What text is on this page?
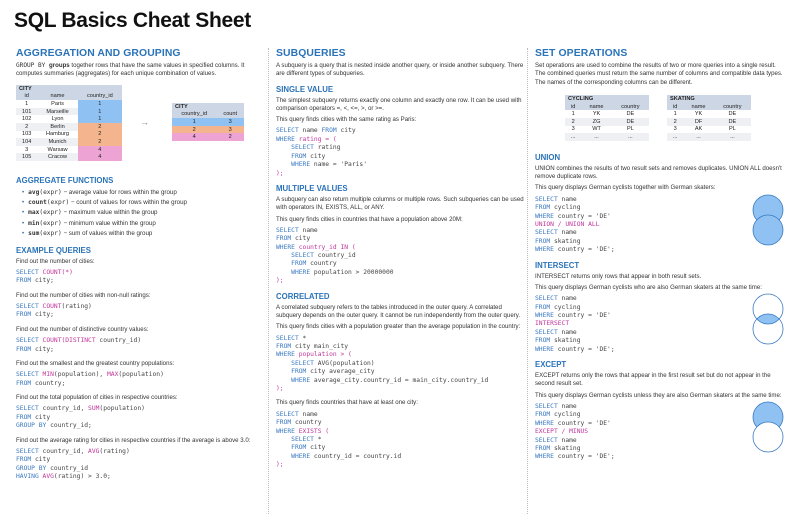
SQL Basics Cheat Sheet
AGGREGATION AND GROUPING

GROUP BY groups together rows that have the same values in specified columns. It computes summaries (aggregates) for each unique combination of values.

CITY
id	name	country_id
1	Paris	1
101	Marseille	1
102	Lyon	1
2	Berlin	2
103	Hamburg	2
104	Munich	2
3	Warsaw	4
105	Cracow	4
→
CITY
country_id	count
1	3
2	3
4	2
AGGREGATE FUNCTIONS
• avg(expr) − average value for rows within the group
• count(expr) − count of values for rows within the group
• max(expr) − maximum value within the group
• min(expr) − minimum value within the group
• sum(expr) − sum of values within the group
EXAMPLE QUERIES

Find out the number of cities:

SELECT COUNT(*)
FROM city;

Find out the number of cities with non-null ratings:

SELECT COUNT(rating)
FROM city;

Find out the number of distinctive country values:

SELECT COUNT(DISTINCT country_id)
FROM city;

Find out the smallest and the greatest country populations:

SELECT MIN(population), MAX(population)
FROM country;

Find out the total population of cities in respective countries:

SELECT country_id, SUM(population)
FROM city
GROUP BY country_id;

Find out the average rating for cities in respective countries if the average is above 3.0:

SELECT country_id, AVG(rating)
FROM city
GROUP BY country_id
HAVING AVG(rating) > 3.0;
SUBQUERIES

A subquery is a query that is nested inside another query, or inside another subquery. There are different types of subqueries.

SINGLE VALUE

The simplest subquery returns exactly one column and exactly one row. It can be used with comparison operators =, <, <=, >, or >=.

This query finds cities with the same rating as Paris:

SELECT name FROM city
WHERE rating = (
SELECT rating
FROM city
WHERE name = 'Paris'
);
MULTIPLE VALUES

A subquery can also return multiple columns or multiple rows. Such subqueries can be used with operators IN, EXISTS, ALL, or ANY.

This query finds cities in countries that have a population above 20M:

SELECT name
FROM city
WHERE country_id IN (
SELECT country_id
FROM country
WHERE population > 20000000
);
CORRELATED

A correlated subquery refers to the tables introduced in the outer query. A correlated subquery depends on the outer query. It cannot be run independently from the outer query.

This query finds cities with a population greater than the average population in the country:

SELECT *
FROM city main_city
WHERE population > (
SELECT AVG(population)
FROM city average_city
WHERE average_city.country_id = main_city.country_id
);

This query finds countries that have at least one city:

SELECT name
FROM country
WHERE EXISTS (
SELECT *
FROM city
WHERE country_id = country.id
);
SET OPERATIONS

Set operations are used to combine the results of two or more queries into a single result. The combined queries must return the same number of columns and compatible data types. The names of the corresponding columns can be different.

CYCLING
id	name	country
1	YK	DE
2	ZG	DE
3	WT	PL
...	...	...
SKATING
id	name	country
1	YK	DE
2	DF	DE
3	AK	PL
...	...	...
UNION

UNION combines the results of two result sets and removes duplicates. UNION ALL doesn't remove duplicate rows.

This query displays German cyclists together with German skaters:

SELECT name
FROM cycling
WHERE country = 'DE'
UNION / UNION ALL
SELECT name
FROM skating
WHERE country = 'DE';
INTERSECT

INTERSECT returns only rows that appear in both result sets.

This query displays German cyclists who are also German skaters at the same time:

SELECT name
FROM cycling
WHERE country = 'DE'
INTERSECT
SELECT name
FROM skating
WHERE country = 'DE';
EXCEPT

EXCEPT returns only the rows that appear in the first result set but do not appear in the second result set.

This query displays German cyclists unless they are also German skaters at the same time:

SELECT name
FROM cycling
WHERE country = 'DE'
EXCEPT / MINUS
SELECT name
FROM skating
WHERE country = 'DE';
